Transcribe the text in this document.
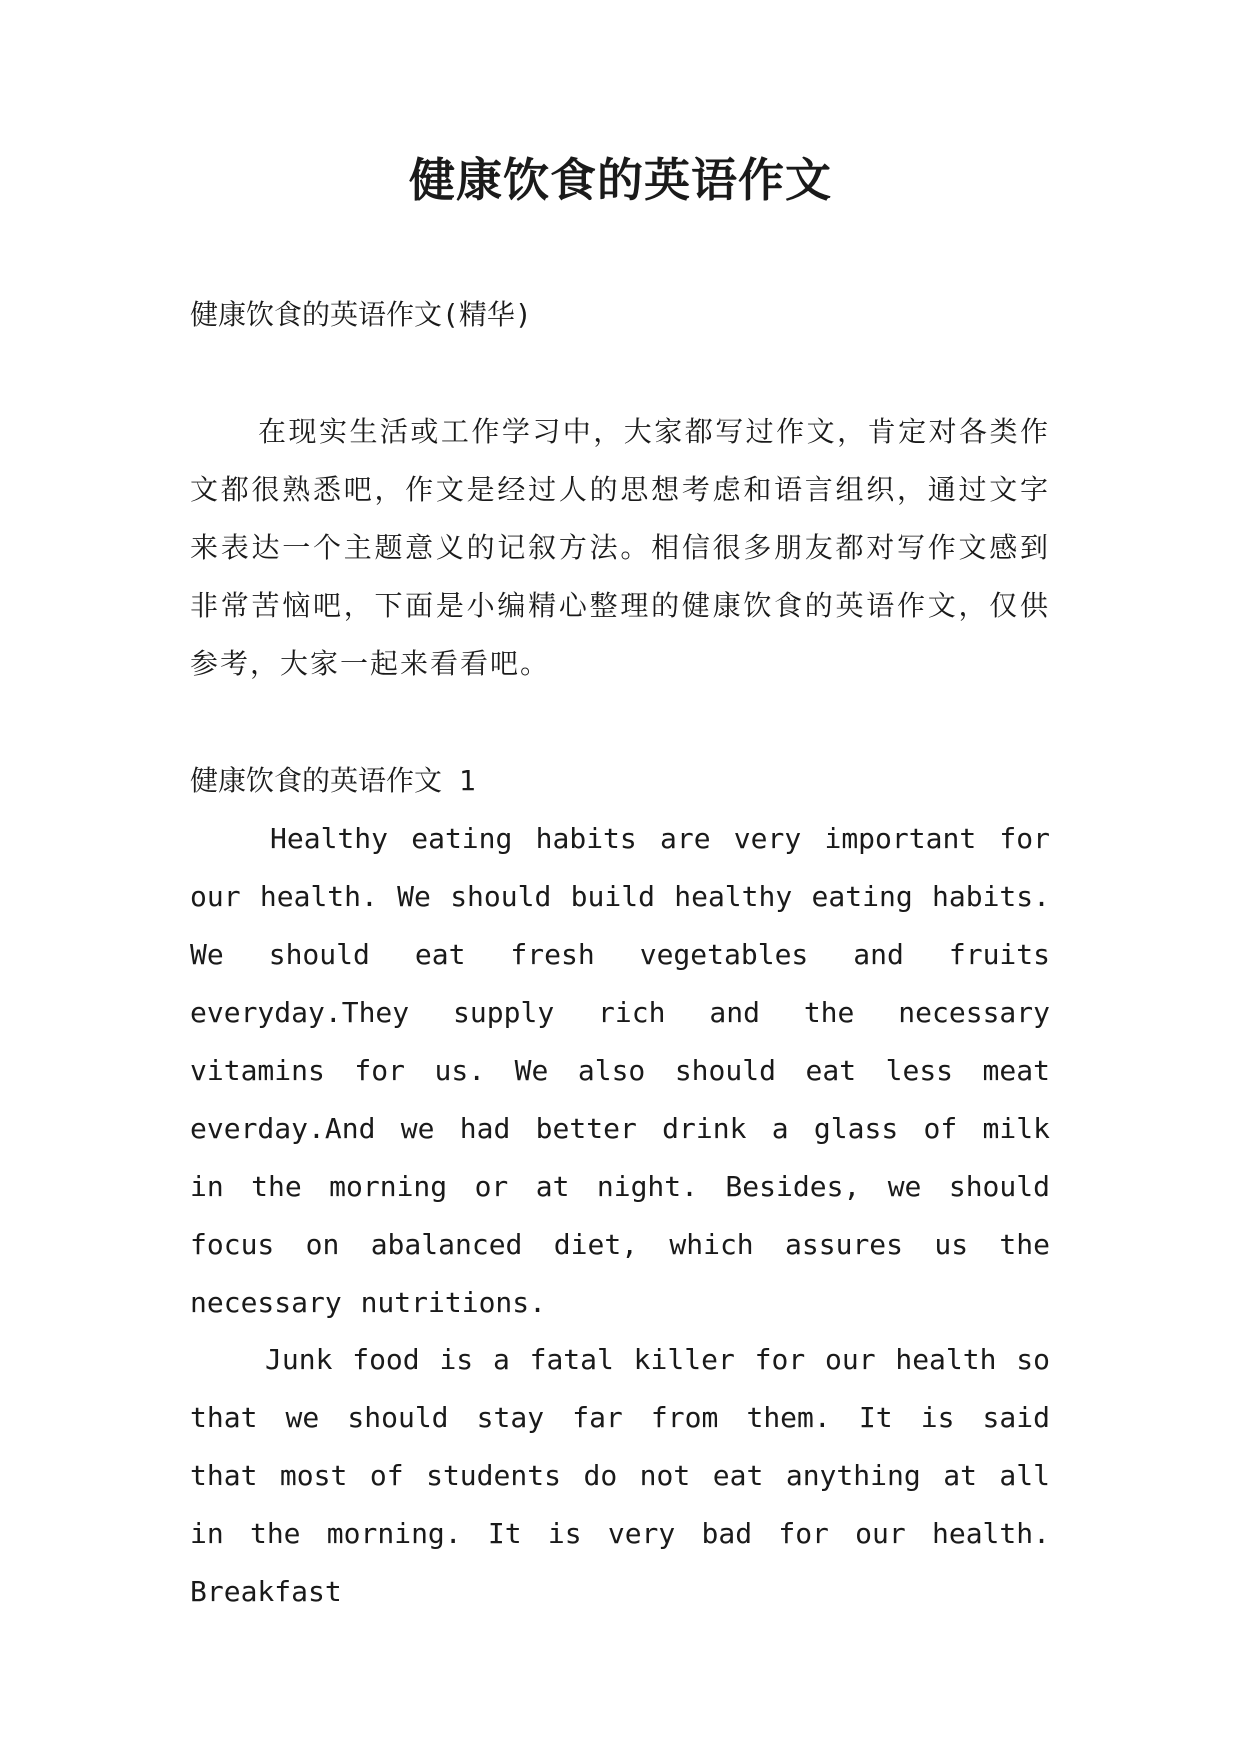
健康饮食的英语作文

健康饮食的英语作文(精华)

在现实生活或工作学习中，大家都写过作文，肯定对各类作文都很熟悉吧，作文是经过人的思想考虑和语言组织，通过文字来表达一个主题意义的记叙方法。相信很多朋友都对写作文感到非常苦恼吧，下面是小编精心整理的健康饮食的英语作文，仅供参考，大家一起来看看吧。

健康饮食的英语作文 1

Healthy eating habits are very important for our health. We should build healthy eating habits. We should eat fresh vegetables and fruits everyday.They supply rich and the necessary vitamins for us. We also should eat less meat everday.And we had better drink a glass of milk in the morning or at night. Besides, we should focus on abalanced diet, which assures us the necessary nutritions.

Junk food is a fatal killer for our health so that we should stay far from them. It is said that most of students do not eat anything at all in the morning. It is very bad for our health. Breakfast
